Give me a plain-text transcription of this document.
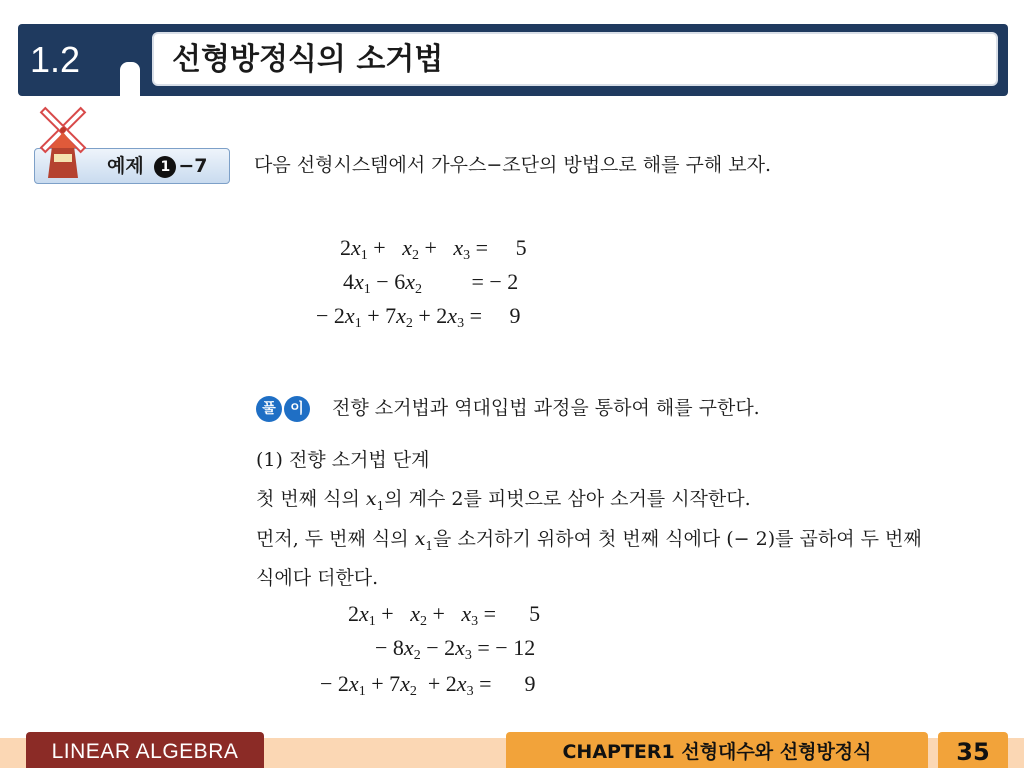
1.2	선형방정식의 소거법
예제 1 −7 다음 선형시스템에서 가우스−조단의 방법으로 해를 구해 보자.
$2x_1 + x_2 + x_3$ =     5
$4x_1 - 6x_2$         = − 2
− $2x_1 + 7x_2 + 2x_3$ =     9
풀 이	전향 소거법과 역대입법 과정을 통하여 해를 구한다.
(1) 전향 소거법 단계
첫 번째 식의 $x_1$의 계수 2를 피벗으로 삼아 소거를 시작한다.
먼저, 두 번째 식의 $x_1$을 소거하기 위하여 첫 번째 식에다 (− 2)를 곱하여 두 번째
식에다 더한다.
$2x_1 + x_2 + x_3$ =      5
− $8x_2 - 2x_3$ = − 12
− $2x_1 + 7x_2 + 2x_3$ =      9
LINEAR ALGEBRA	CHAPTER1 선형대수와 선형방정식	35
